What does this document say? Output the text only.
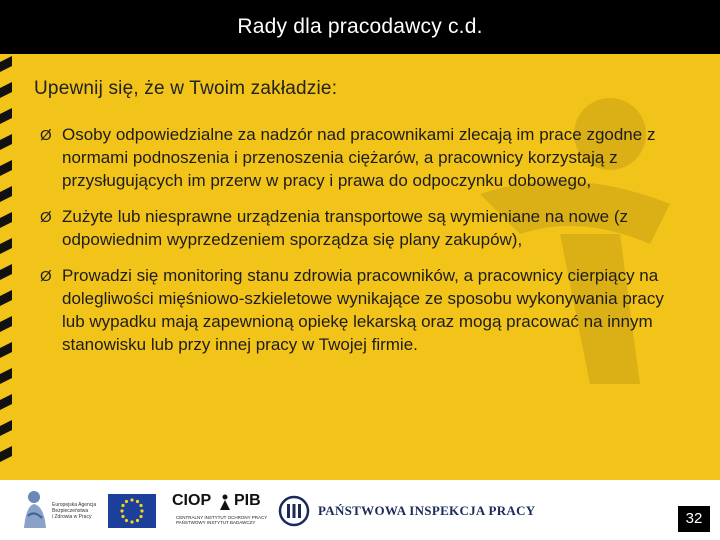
Rady dla pracodawcy c.d.
Upewnij się, że w Twoim zakładzie:
Ø Osoby odpowiedzialne za nadzór nad pracownikami zlecają im prace zgodne z normami podnoszenia i przenoszenia ciężarów, a pracownicy korzystają z przysługujących im przerw w pracy i prawa do odpoczynku dobowego,
Ø Zużyte lub niesprawne urządzenia transportowe są wymieniane na nowe (z odpowiednim wyprzedzeniem sporządza się plany zakupów),
Ø Prowadzi się monitoring stanu zdrowia pracowników, a pracownicy cierpiący na dolegliwości mięśniowo-szkieletowe wynikające ze sposobu wykonywania pracy lub wypadku mają zapewnioną opiekę lekarską oraz mogą pracować na innym stanowisku lub przy innej pracy w Twojej firmie.
Europejska Agencja
Bezpieczeństwa
i Zdrowia w Pracy
CIOP PIB
CENTRALNY INSTYTUT OCHRONY PRACY
PAŃSTWOWY INSTYTUT BADAWCZY
PAŃSTWOWA INSPEKCJA PRACY	32
